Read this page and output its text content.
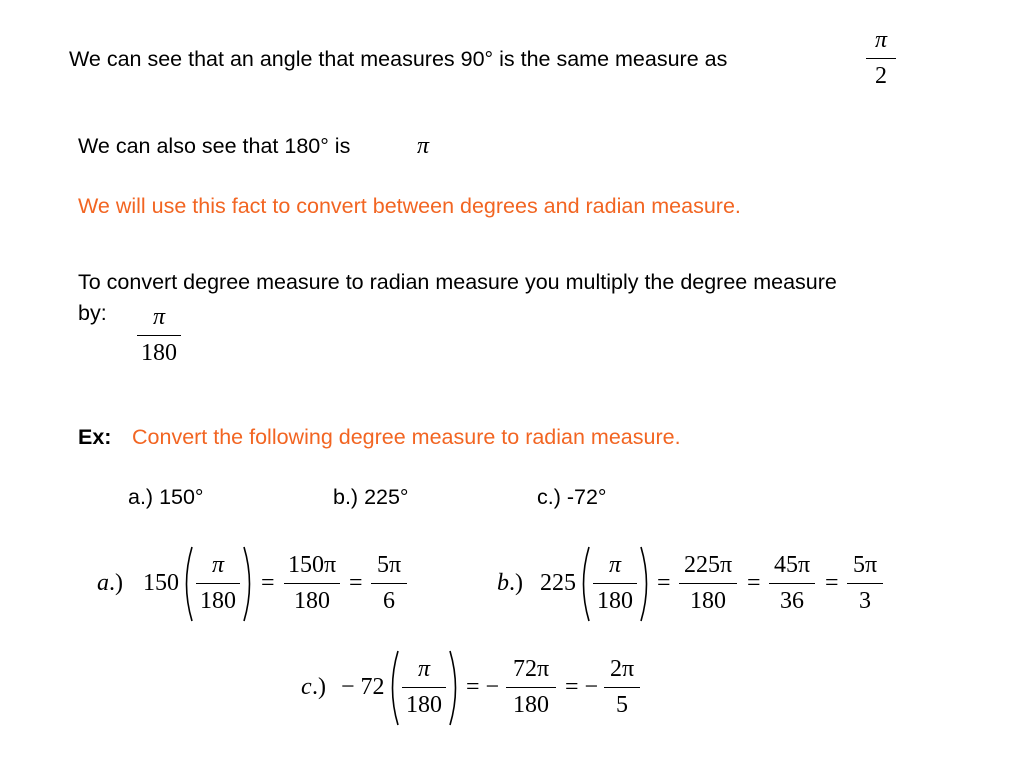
We can see that an angle that measures 90° is the same measure as
π
2
We can also see that 180° is	π
We will use this fact to convert between degrees and radian measure.
To convert degree measure to radian measure you multiply the degree measure
by:	π
180
Ex: Convert the following degree measure to radian measure.
a.) 150°	b.) 225°	c.) -72°
a .) 150
π
180
=
150π
180
=
5π
6
b .) 225
π
180
=
225π
180
=
45π
36
=
5π
3
c .) − 72
π
180
= −
72π
180
= −
2π
5
